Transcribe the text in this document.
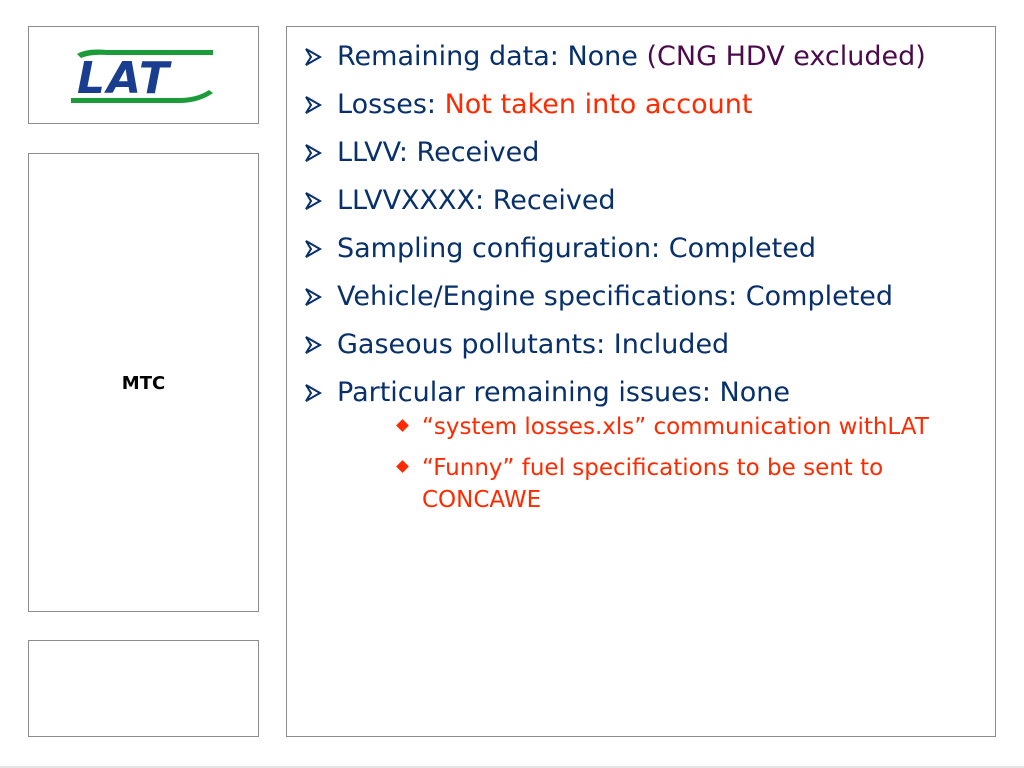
LAT
MTC
Remaining data: None (CNG HDV excluded)
Losses: Not taken into account
LLVV: Received
LLVVXXXX: Received
Sampling configuration: Completed
Vehicle/Engine specifications: Completed
Gaseous pollutants: Included
Particular remaining issues: None
“system losses.xls” communication withLAT
“Funny” fuel specifications to be sent to CONCAWE
